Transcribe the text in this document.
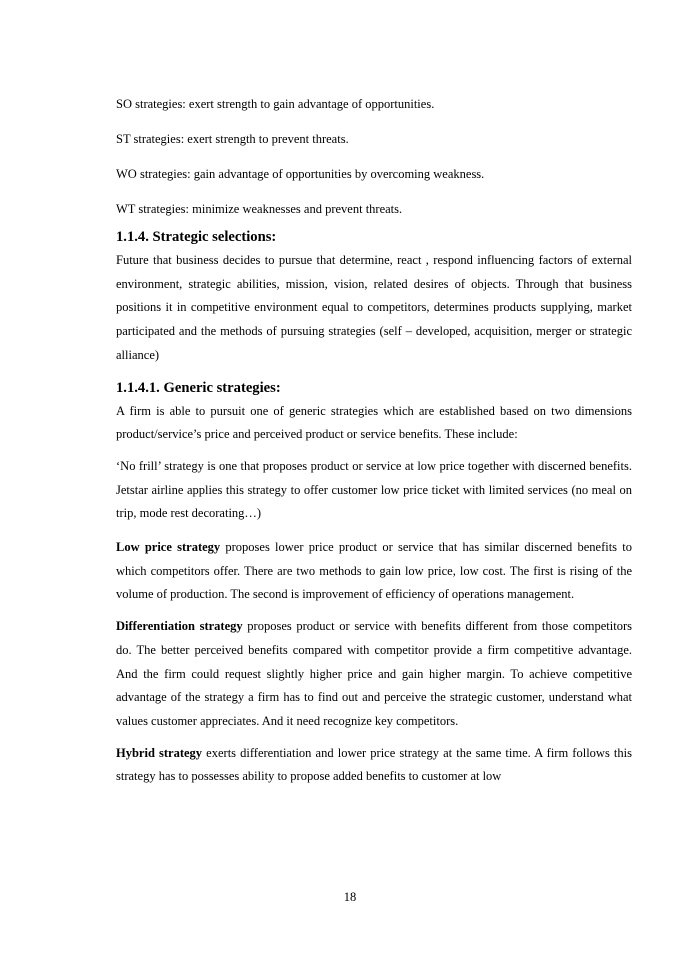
SO strategies: exert strength to gain advantage of opportunities.

ST strategies: exert strength to prevent threats.

WO strategies: gain advantage of opportunities by overcoming weakness.

WT strategies: minimize weaknesses and prevent threats.

1.1.4. Strategic selections:

Future that business decides to pursue that determine, react , respond influencing factors of external environment, strategic abilities, mission, vision, related desires of objects. Through that business positions it in competitive environment equal to competitors, determines products supplying, market participated and the methods of pursuing strategies (self – developed, acquisition, merger or strategic alliance)

1.1.4.1. Generic strategies:

A firm is able to pursuit one of generic strategies which are established based on two dimensions product/service’s price and perceived product or service benefits. These include:

‘No frill’ strategy is one that proposes product or service at low price together with discerned benefits. Jetstar airline applies this strategy to offer customer low price ticket with limited services (no meal on trip, mode rest decorating…)

Low price strategy proposes lower price product or service that has similar discerned benefits to which competitors offer. There are two methods to gain low price, low cost. The first is rising of the volume of production. The second is improvement of efficiency of operations management.

Differentiation strategy proposes product or service with benefits different from those competitors do. The better perceived benefits compared with competitor provide a firm competitive advantage. And the firm could request slightly higher price and gain higher margin. To achieve competitive advantage of the strategy a firm has to find out and perceive the strategic customer, understand what values customer appreciates. And it need recognize key competitors.

Hybrid strategy exerts differentiation and lower price strategy at the same time. A firm follows this strategy has to possesses ability to propose added benefits to customer at low

18
